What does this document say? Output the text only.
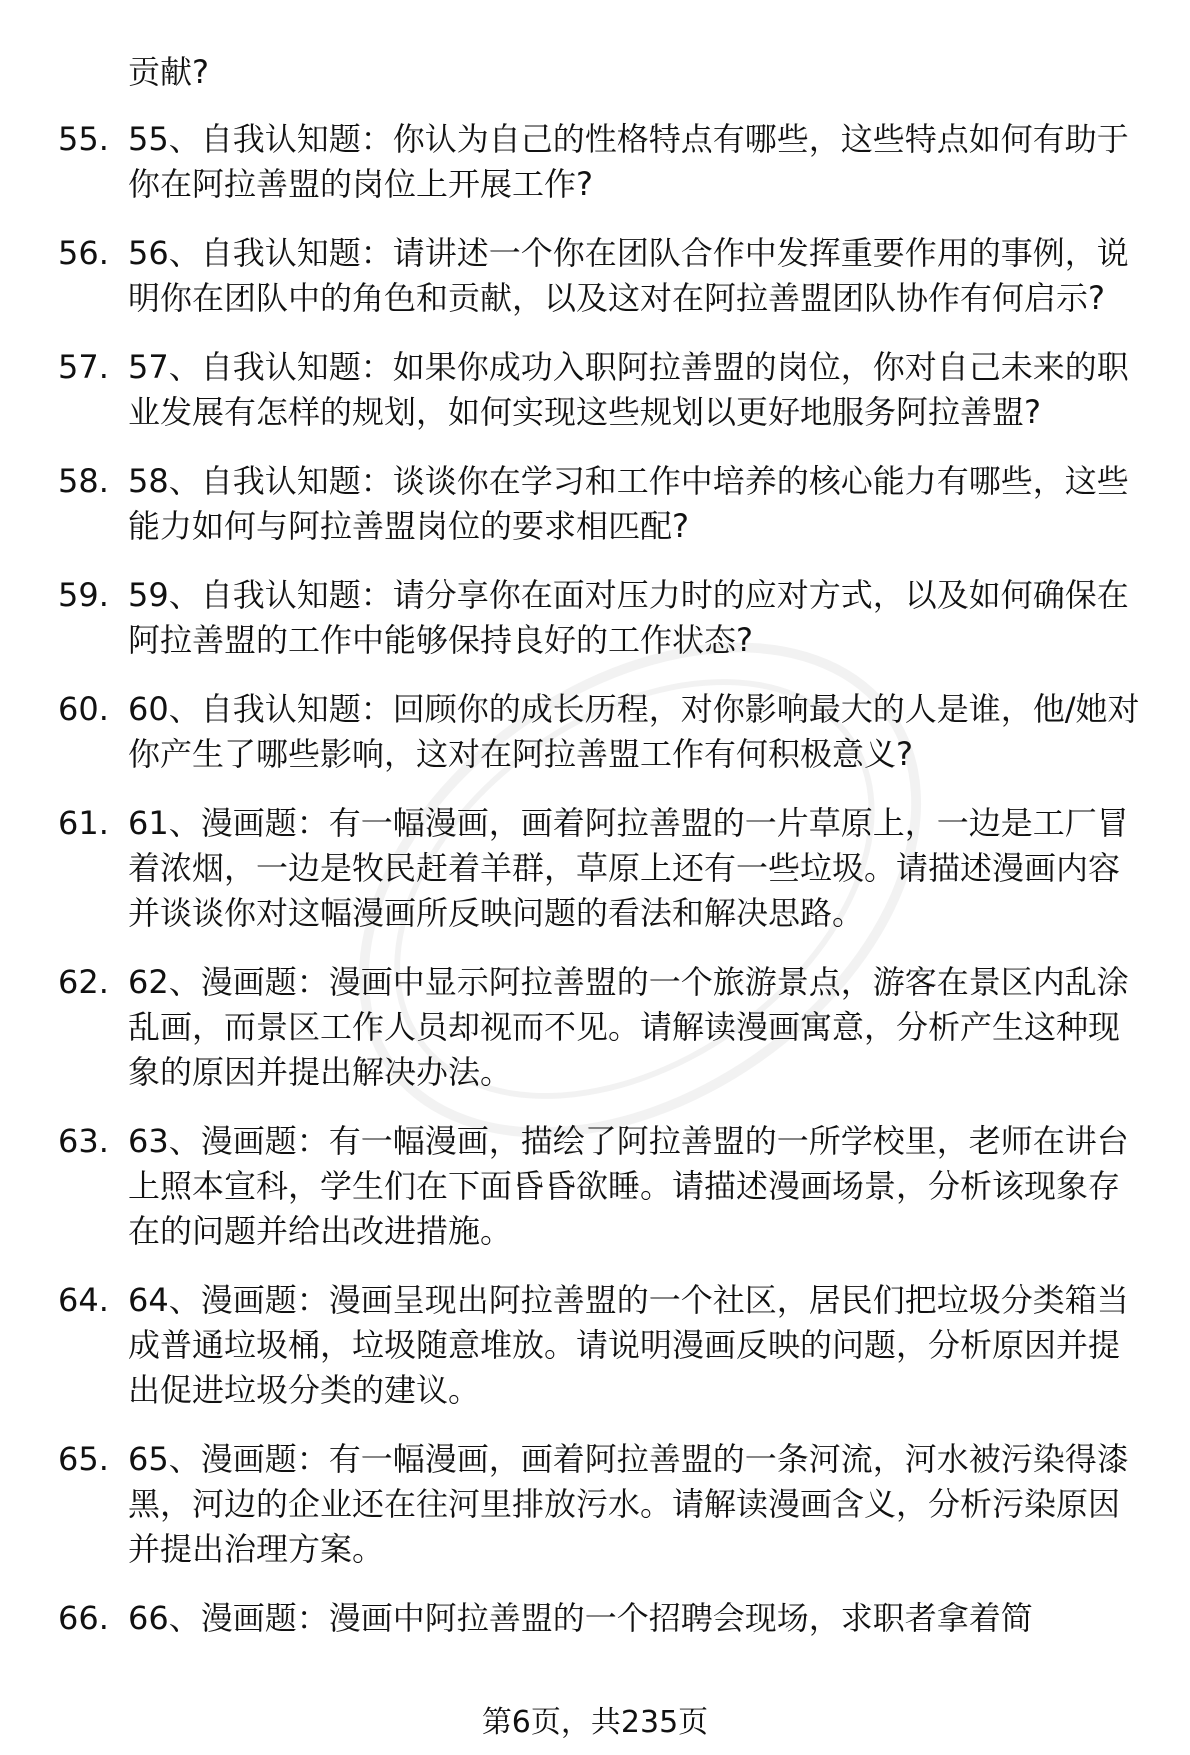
贡献?
55. 55、自我认知题：你认为自己的性格特点有哪些，这些特点如何有助于你在阿拉善盟的岗位上开展工作?
56. 56、自我认知题：请讲述一个你在团队合作中发挥重要作用的事例，说明你在团队中的角色和贡献，以及这对在阿拉善盟团队协作有何启示?
57. 57、自我认知题：如果你成功入职阿拉善盟的岗位，你对自己未来的职业发展有怎样的规划，如何实现这些规划以更好地服务阿拉善盟?
58. 58、自我认知题：谈谈你在学习和工作中培养的核心能力有哪些，这些能力如何与阿拉善盟岗位的要求相匹配?
59. 59、自我认知题：请分享你在面对压力时的应对方式，以及如何确保在阿拉善盟的工作中能够保持良好的工作状态?
60. 60、自我认知题：回顾你的成长历程，对你影响最大的人是谁，他/她对你产生了哪些影响，这对在阿拉善盟工作有何积极意义?
61. 61、漫画题：有一幅漫画，画着阿拉善盟的一片草原上，一边是工厂冒着浓烟，一边是牧民赶着羊群，草原上还有一些垃圾。请描述漫画内容并谈谈你对这幅漫画所反映问题的看法和解决思路。
62. 62、漫画题：漫画中显示阿拉善盟的一个旅游景点，游客在景区内乱涂乱画，而景区工作人员却视而不见。请解读漫画寓意，分析产生这种现象的原因并提出解决办法。
63. 63、漫画题：有一幅漫画，描绘了阿拉善盟的一所学校里，老师在讲台上照本宣科，学生们在下面昏昏欲睡。请描述漫画场景，分析该现象存在的问题并给出改进措施。
64. 64、漫画题：漫画呈现出阿拉善盟的一个社区，居民们把垃圾分类箱当成普通垃圾桶，垃圾随意堆放。请说明漫画反映的问题，分析原因并提出促进垃圾分类的建议。
65. 65、漫画题：有一幅漫画，画着阿拉善盟的一条河流，河水被污染得漆黑，河边的企业还在往河里排放污水。请解读漫画含义，分析污染原因并提出治理方案。
66. 66、漫画题：漫画中阿拉善盟的一个招聘会现场，求职者拿着简
第6页，共235页
